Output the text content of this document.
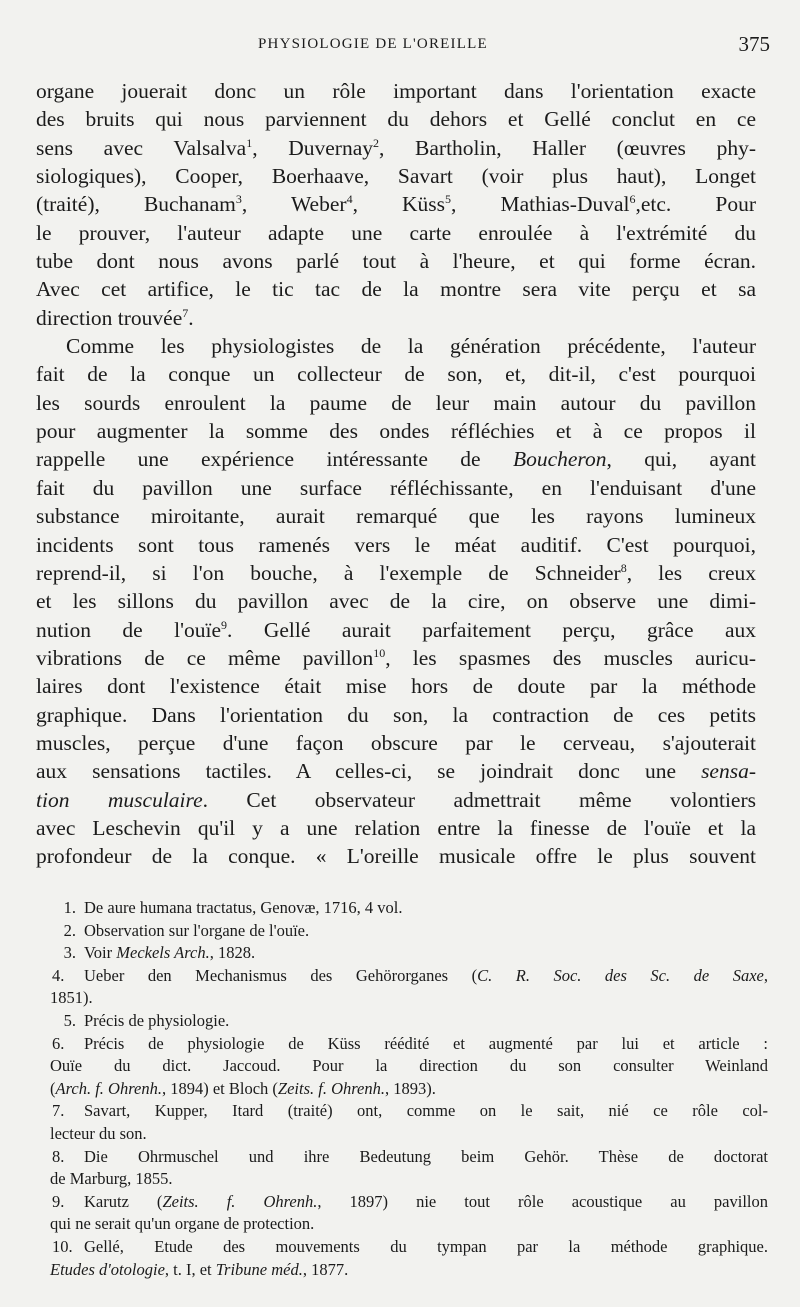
PHYSIOLOGIE DE L'OREILLE	375
organe jouerait donc un rôle important dans l'orientation exacte
des bruits qui nous parviennent du dehors et Gellé conclut en ce
sens avec Valsalva$^1$, Duvernay$^2$, Bartholin, Haller (œuvres phy-
siologiques), Cooper, Boerhaave, Savart (voir plus haut), Longet
(traité), Buchanam$^3$, Weber$^4$, Küss$^5$, Mathias-Duval$^6$,etc. Pour
le prouver, l'auteur adapte une carte enroulée à l'extrémité du
tube dont nous avons parlé tout à l'heure, et qui forme écran.
Avec cet artifice, le tic tac de la montre sera vite perçu et sa
direction trouvée$^7$.
Comme les physiologistes de la génération précédente, l'auteur
fait de la conque un collecteur de son, et, dit-il, c'est pourquoi
les sourds enroulent la paume de leur main autour du pavillon
pour augmenter la somme des ondes réfléchies et à ce propos il
rappelle une expérience intéressante de Boucheron, qui, ayant
fait du pavillon une surface réfléchissante, en l'enduisant d'une
substance miroitante, aurait remarqué que les rayons lumineux
incidents sont tous ramenés vers le méat auditif. C'est pourquoi,
reprend-il, si l'on bouche, à l'exemple de Schneider$^8$, les creux
et les sillons du pavillon avec de la cire, on observe une dimi-
nution de l'ouïe$^9$. Gellé aurait parfaitement perçu, grâce aux
vibrations de ce même pavillon$^{10}$, les spasmes des muscles auricu-
laires dont l'existence était mise hors de doute par la méthode
graphique. Dans l'orientation du son, la contraction de ces petits
muscles, perçue d'une façon obscure par le cerveau, s'ajouterait
aux sensations tactiles. A celles-ci, se joindrait donc une sensa-
tion musculaire. Cet observateur admettrait même volontiers
avec Leschevin qu'il y a une relation entre la finesse de l'ouïe et la
profondeur de la conque. « L'oreille musicale offre le plus souvent
1. De aure humana tractatus, Genovæ, 1716, 4 vol.
2. Observation sur l'organe de l'ouïe.
3. Voir Meckels Arch., 1828.
4. Ueber den Mechanismus des Gehörorganes (C. R. Soc. des Sc. de Saxe,
1851).
5. Précis de physiologie.
6. Précis de physiologie de Küss réédité et augmenté par lui et article :
Ouïe du dict. Jaccoud. Pour la direction du son consulter Weinland
(Arch. f. Ohrenh., 1894) et Bloch (Zeits. f. Ohrenh., 1893).
7. Savart, Kupper, Itard (traité) ont, comme on le sait, nié ce rôle col-
lecteur du son.
8. Die Ohrmuschel und ihre Bedeutung beim Gehör. Thèse de doctorat
de Marburg, 1855.
9. Karutz (Zeits. f. Ohrenh., 1897) nie tout rôle acoustique au pavillon
qui ne serait qu'un organe de protection.
10. Gellé, Etude des mouvements du tympan par la méthode graphique.
Etudes d'otologie, t. I, et Tribune méd., 1877.
